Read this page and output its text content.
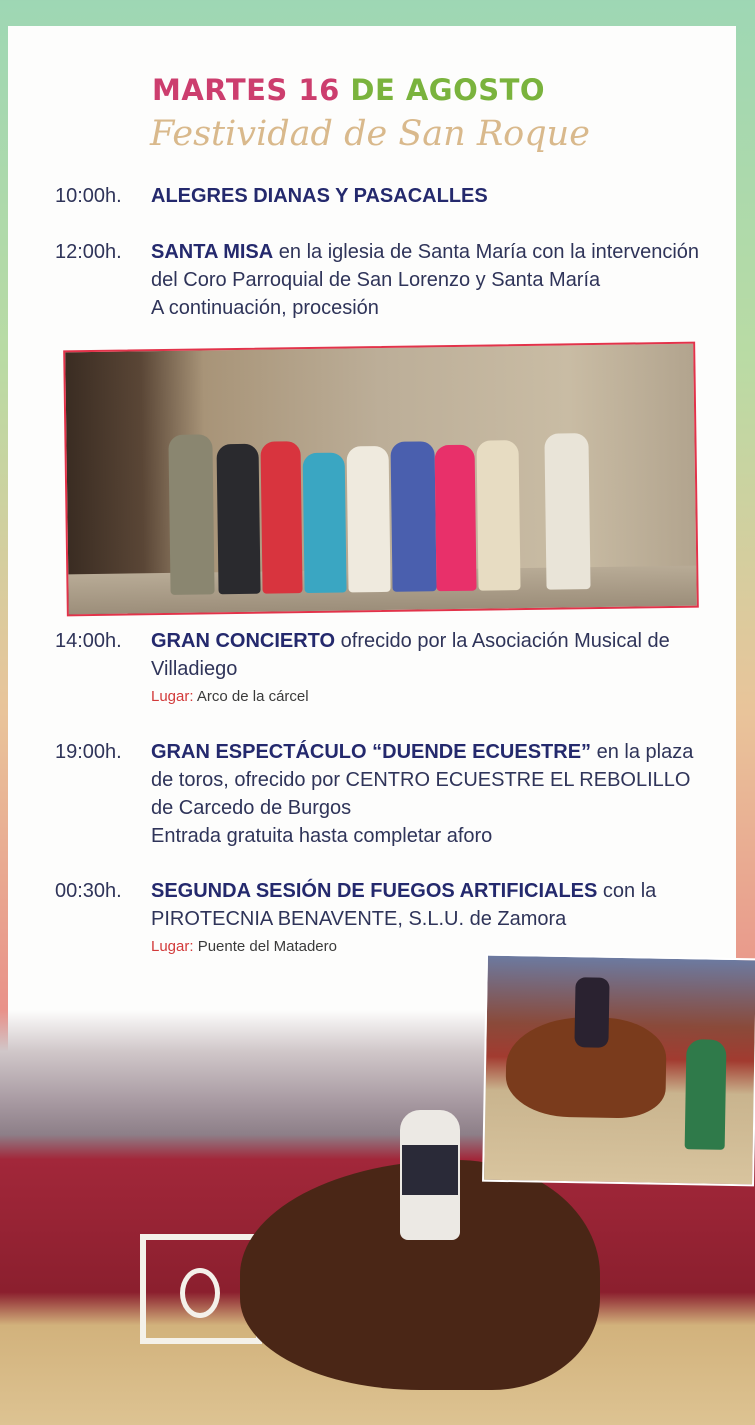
MARTES 16 DE AGOSTO

Festividad de San Roque

10:00h. ALEGRES DIANAS Y PASACALLES
12:00h. SANTA MISA en la iglesia de Santa María con la intervención del Coro Parroquial de San Lorenzo y Santa María
A continuación, procesión
14:00h. GRAN CONCIERTO ofrecido por la Asociación Musical de Villadiego
Lugar: Arco de la cárcel
19:00h. GRAN ESPECTÁCULO “DUENDE ECUESTRE” en la plaza de toros, ofrecido por CENTRO ECUESTRE EL REBOLILLO de Carcedo de Burgos
Entrada gratuita hasta completar aforo
00:30h. SEGUNDA SESIÓN DE FUEGOS ARTIFICIALES con la PIROTECNIA BENAVENTE, S.L.U. de Zamora
Lugar: Puente del Matadero
